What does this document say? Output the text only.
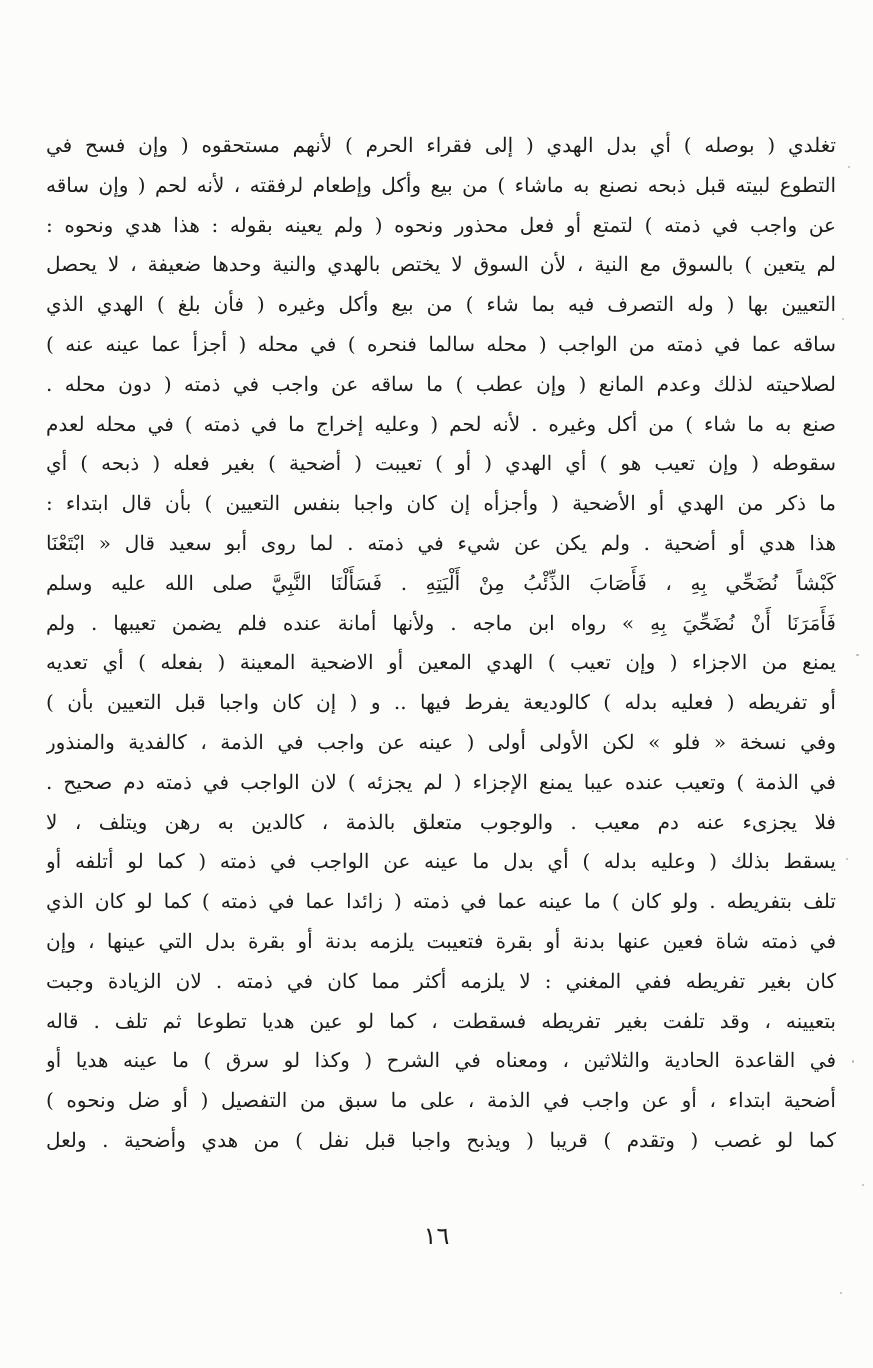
تغلدي ( بوصله ) أي بدل الهدي ( إلى فقراء الحرم ) لأنهم مستحقوه ( وإن فسح في
التطوع لبيته قبل ذبحه نصنع به ماشاء ) من بيع وأكل وإطعام لرفقته ، لأنه لحم ( وإن ساقه
عن واجب في ذمته ) لتمتع أو فعل محذور ونحوه ( ولم يعينه بقوله : هذا هدي ونحوه :
لم يتعين ) بالسوق مع النية ، لأن السوق لا يختص بالهدي والنية وحدها ضعيفة ، لا يحصل
التعيين بها ( وله التصرف فيه بما شاء ) من بيع وأكل وغيره ( فأن بلغ ) الهدي الذي
ساقه عما في ذمته من الواجب ( محله سالما فنحره ) في محله ( أجزأ عما عينه عنه )
لصلاحيته لذلك وعدم المانع ( وإن عطب ) ما ساقه عن واجب في ذمته ( دون محله .
صنع به ما شاء ) من أكل وغيره . لأنه لحم ( وعليه إخراج ما في ذمته ) في محله لعدم
سقوطه ( وإن تعيب هو ) أي الهدي ( أو ) تعيبت ( أضحية ) بغير فعله ( ذبحه ) أي
ما ذكر من الهدي أو الأضحية ( وأجزأه إن كان واجبا بنفس التعيين ) بأن قال ابتداء :
هذا هدي أو أضحية . ولم يكن عن شيء في ذمته . لما روى أبو سعيد قال « ابْتَعْنَا
كَبْشاً نُضَحِّي بِهِ ، فَأَصَابَ الذِّئْبُ مِنْ أَلْيَتِهِ . فَسَأَلْنَا النَّبِيَّ صلى الله عليه وسلم
فَأَمَرَنَا أَنْ نُضَحِّيَ بِهِ » رواه ابن ماجه . ولأنها أمانة عنده فلم يضمن تعيبها . ولم
يمنع من الاجزاء ( وإن تعيب ) الهدي المعين أو الاضحية المعينة ( بفعله ) أي تعديه
أو تفريطه ( فعليه بدله ) كالوديعة يفرط فيها .. و ( إن كان واجبا قبل التعيين بأن )
وفي نسخة « فلو » لكن الأولى أولى ( عينه عن واجب في الذمة ، كالفدية والمنذور
في الذمة ) وتعيب عنده عيبا يمنع الإجزاء ( لم يجزئه ) لان الواجب في ذمته دم صحيح .
فلا يجزىء عنه دم معيب . والوجوب متعلق بالذمة ، كالدين به رهن ويتلف ، لا
يسقط بذلك ( وعليه بدله ) أي بدل ما عينه عن الواجب في ذمته ( كما لو أتلفه أو
تلف بتفريطه . ولو كان ) ما عينه عما في ذمته ( زائدا عما في ذمته ) كما لو كان الذي
في ذمته شاة فعين عنها بدنة أو بقرة فتعيبت يلزمه بدنة أو بقرة بدل التي عينها ، وإن
كان بغير تفريطه ففي المغني : لا يلزمه أكثر مما كان في ذمته . لان الزيادة وجبت
بتعيينه ، وقد تلفت بغير تفريطه فسقطت ، كما لو عين هديا تطوعا ثم تلف . قاله
في القاعدة الحادية والثلاثين ، ومعناه في الشرح ( وكذا لو سرق ) ما عينه هديا أو
أضحية ابتداء ، أو عن واجب في الذمة ، على ما سبق من التفصيل ( أو ضل ونحوه )
كما لو غصب ( وتقدم ) قريبا ( ويذبح واجبا قبل نفل ) من هدي وأضحية . ولعل
١٦
